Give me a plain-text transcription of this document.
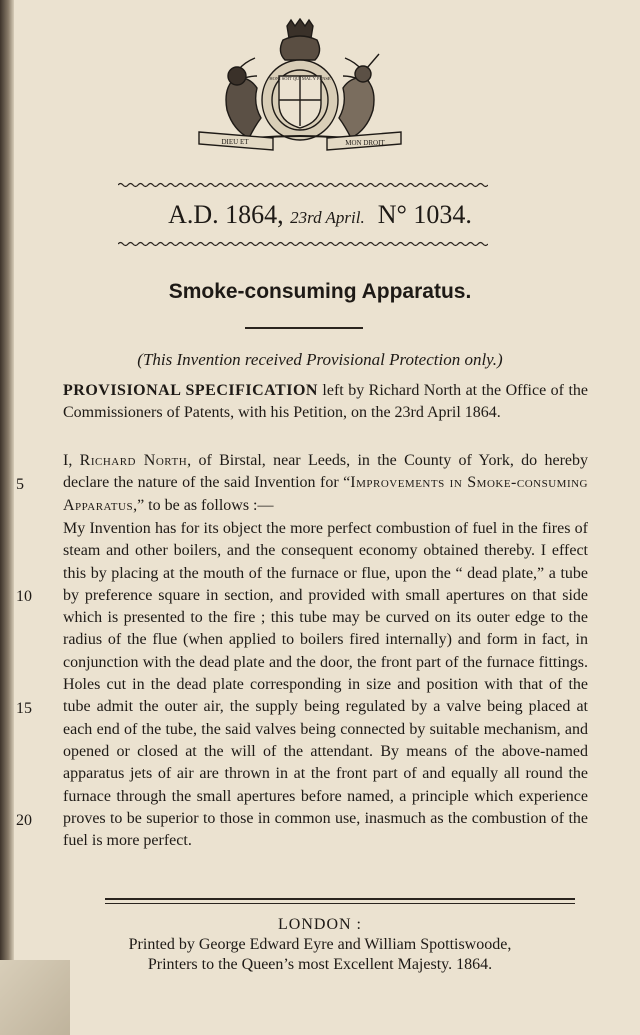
DIEU ET	MON DROIT
HONI SOIT QUI MAL Y PENSE
A.D. 1864, 23rd April. N° 1034.
Smoke-consuming Apparatus.
(This Invention received Provisional Protection only.)
PROVISIONAL SPECIFICATION left by Richard North at the Office of the Commissioners of Patents, with his Petition, on the 23rd April 1864.
I, Richard North, of Birstal, near Leeds, in the County of York, do hereby declare the nature of the said Invention for “Improvements in Smoke-consuming Apparatus,” to be as follows :—
My Invention has for its object the more perfect combustion of fuel in the fires of steam and other boilers, and the consequent economy obtained thereby. I effect this by placing at the mouth of the furnace or flue, upon the “ dead plate,” a tube by preference square in section, and provided with small apertures on that side which is presented to the fire ; this tube may be curved on its outer edge to the radius of the flue (when applied to boilers fired internally) and form in fact, in conjunction with the dead plate and the door, the front part of the furnace fittings. Holes cut in the dead plate corresponding in size and position with that of the tube admit the outer air, the supply being regulated by a valve being placed at each end of the tube, the said valves being connected by suitable mechanism, and opened or closed at the will of the attendant. By means of the above-named apparatus jets of air are thrown in at the front part of and equally all round the furnace through the small apertures before named, a principle which experience proves to be superior to those in common use, inasmuch as the combustion of the fuel is more perfect.
5
10
15
20
LONDON :
Printed by George Edward Eyre and William Spottiswoode,
Printers to the Queen’s most Excellent Majesty. 1864.
